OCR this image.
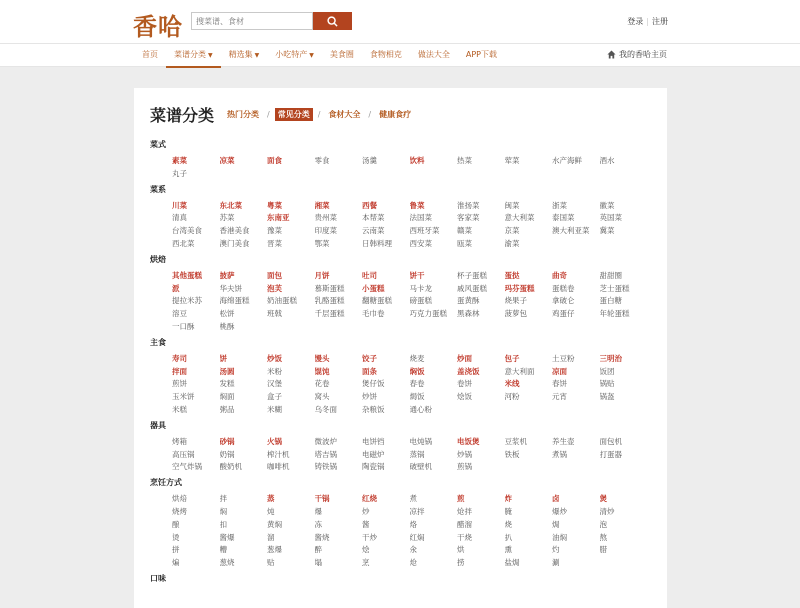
香哈
搜菜谱、食材	登录 | 注册
首页	菜谱分类 ▼	精选集 ▼	小吃特产 ▼	美食圈	食物相克	做法大全	APP下载	我的香哈主页
菜谱分类	热门分类	/	常见分类	/	食材大全	/	健康食疗
菜式
素菜	凉菜	面食	零食	汤羹	饮料	热菜	荤菜	水产海鲜	酒水
丸子
菜系
川菜	东北菜	粤菜	湘菜	西餐	鲁菜	淮扬菜	闽菜	浙菜	徽菜
清真	苏菜	东南亚	贵州菜	本帮菜	法国菜	客家菜	意大利菜	泰国菜	英国菜
台湾美食	香港美食	豫菜	印度菜	云南菜	西班牙菜	赣菜	京菜	澳大利亚菜	冀菜
西北菜	澳门美食	晋菜	鄂菜	日韩料理	西安菜	瓯菜	渝菜
烘焙
其他蛋糕	披萨	面包	月饼	吐司	饼干	杯子蛋糕	蛋挞	曲奇	甜甜圈
派	华夫饼	泡芙	慕斯蛋糕	小蛋糕	马卡龙	戚风蛋糕	玛芬蛋糕	蛋糕卷	芝士蛋糕
提拉米苏	海绵蛋糕	奶油蛋糕	乳酪蛋糕	翻糖蛋糕	磅蛋糕	蛋黄酥	烧果子	拿破仑	蛋白糖
溶豆	松饼	班戟	千层蛋糕	毛巾卷	巧克力蛋糕	黑森林	菠萝包	鸡蛋仔	年轮蛋糕
一口酥	桃酥
主食
寿司	饼	炒饭	馒头	饺子	烧麦	炒面	包子	土豆粉	三明治
拌面	汤圆	米粉	馄饨	面条	焖饭	盖浇饭	意大利面	凉面	饭团
煎饼	发糕	汉堡	花卷	煲仔饭	春卷	卷饼	米线	春饼	锅贴
玉米饼	焖面	盒子	窝头	炒饼	焗饭	烩饭	河粉	元宵	锅盔
米糕	粥品	米糊	乌冬面	杂粮饭	通心粉
器具
烤箱	砂锅	火锅	微波炉	电饼铛	电炖锅	电饭煲	豆浆机	养生壶	面包机
高压锅	奶锅	榨汁机	塔吉锅	电磁炉	蒸锅	炒锅	铁板	煮锅	打蛋器
空气炸锅	酸奶机	咖啡机	铸铁锅	陶瓷锅	破壁机	煎锅
烹饪方式
烘焙	拌	蒸	干锅	红烧	煮	煎	炸	卤	煲
烧烤	焖	炖	爆	炒	凉拌	炝拌	腌	爆炒	清炒
酿	扣	黄焖	冻	酱	烙	醋溜	烧	焗	泡
烫	酱爆	溜	酱烧	干炒	红焖	干烧	扒	油焖	熬
拼	糟	葱爆	醉	烩	氽	烘	熏	灼	腊
煸	葱烧	贴	塌	烹	炝	捞	盐焗	涮
口味
